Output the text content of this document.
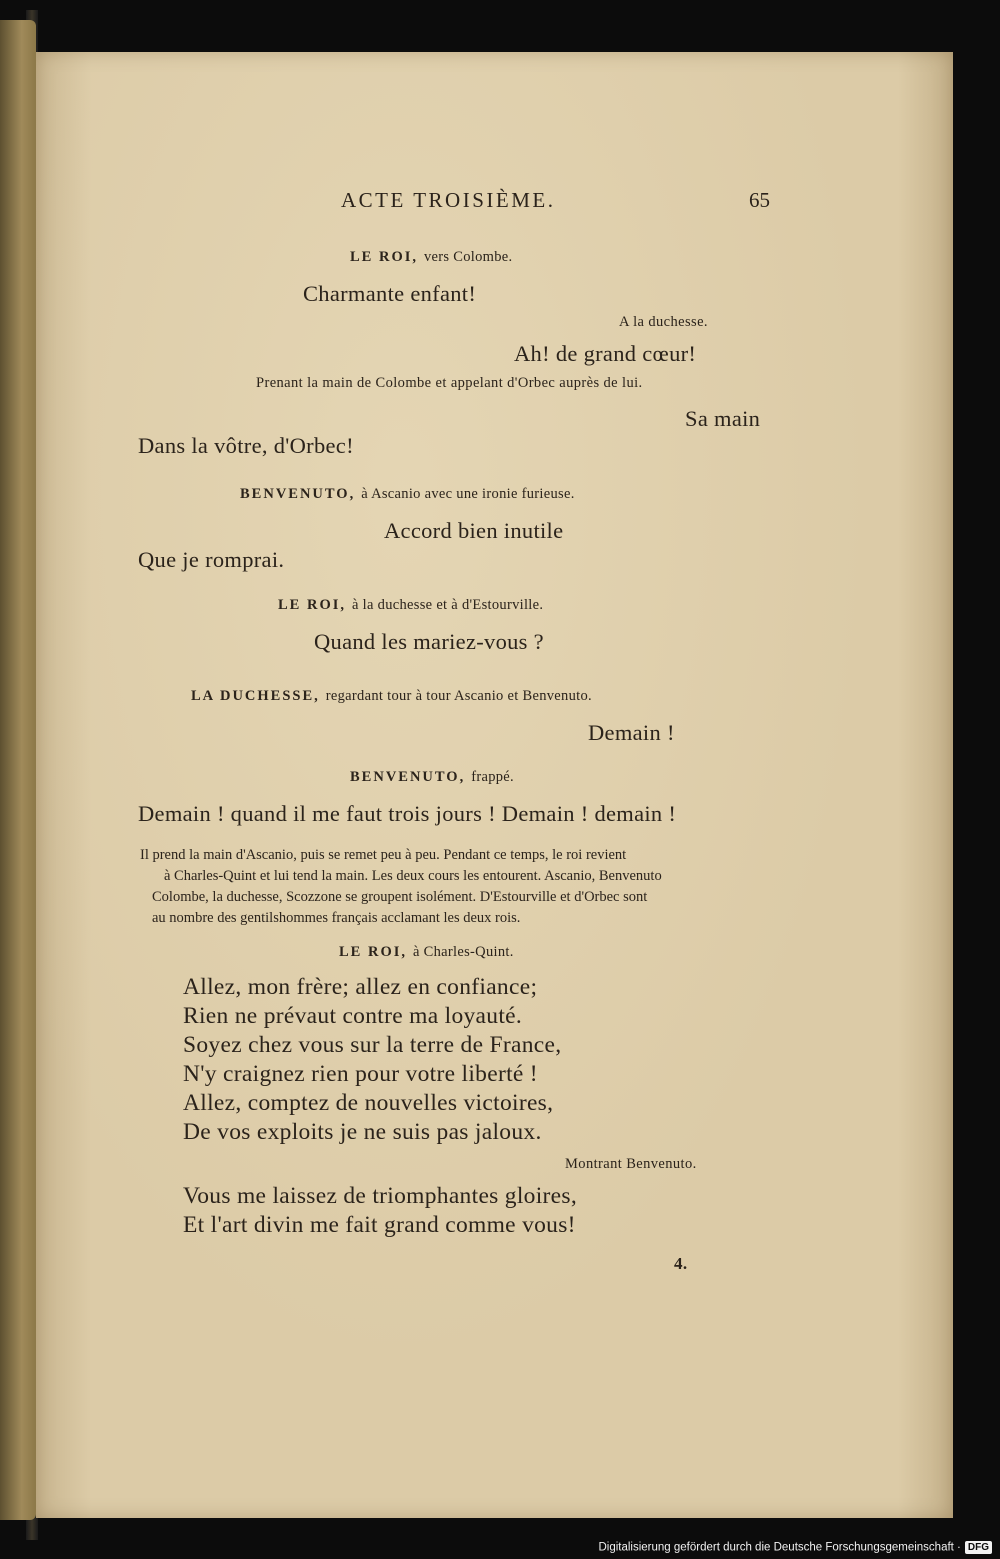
ACTE TROISIÈME.	65
LE ROI, vers Colombe.
Charmante enfant!
A la duchesse.
Ah! de grand cœur!
Prenant la main de Colombe et appelant d'Orbec auprès de lui.
Sa main
Dans la vôtre, d'Orbec!
BENVENUTO, à Ascanio avec une ironie furieuse.
Accord bien inutile
Que je romprai.
LE ROI, à la duchesse et à d'Estourville.
Quand les mariez-vous ?
LA DUCHESSE, regardant tour à tour Ascanio et Benvenuto.
Demain !
BENVENUTO, frappé.
Demain ! quand il me faut trois jours ! Demain ! demain !
Il prend la main d'Ascanio, puis se remet peu à peu. Pendant ce temps, le roi revient
à Charles-Quint et lui tend la main. Les deux cours les entourent. Ascanio, Benvenuto
Colombe, la duchesse, Scozzone se groupent isolément. D'Estourville et d'Orbec sont
au nombre des gentilshommes français acclamant les deux rois.
LE ROI, à Charles-Quint.
Allez, mon frère; allez en confiance;
Rien ne prévaut contre ma loyauté.
Soyez chez vous sur la terre de France,
N'y craignez rien pour votre liberté !
Allez, comptez de nouvelles victoires,
De vos exploits je ne suis pas jaloux.
Montrant Benvenuto.
Vous me laissez de triomphantes gloires,
Et l'art divin me fait grand comme vous!
4.
Digitalisierung gefördert durch die Deutsche Forschungsgemeinschaft · DFG
